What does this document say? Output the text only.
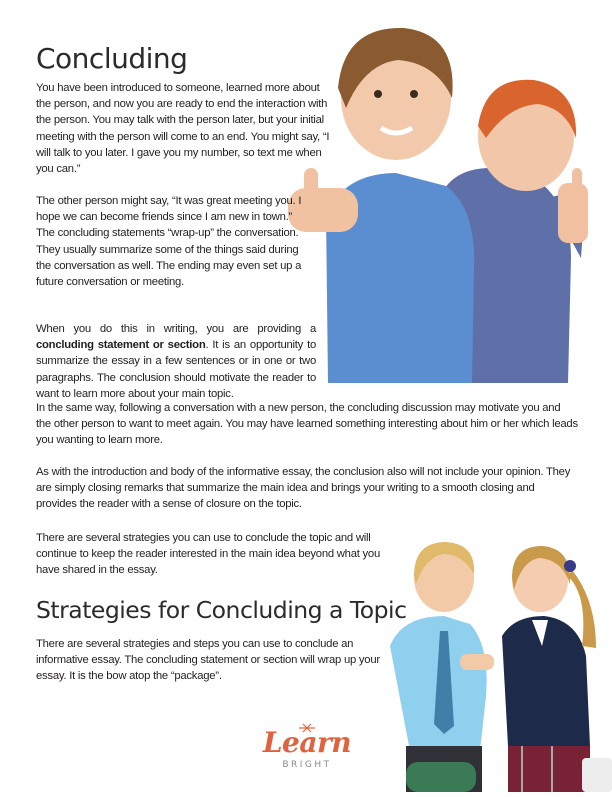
Concluding

You have been introduced to someone, learned more about the person, and now you are ready to end the interaction with the person. You may talk with the person later, but your initial meeting with the person will come to an end. You might say, “I will talk to you later. I gave you my number, so text me when you can.”

The other person might say, “It was great meeting you. I hope we can become friends since I am new in town.” The concluding statements “wrap-up” the conversation. They usually summarize some of the things said during the conversation as well. The ending may even set up a future conversation or meeting.

When you do this in writing, you are providing a concluding statement or section. It is an opportunity to summarize the essay in a few sentences or in one or two paragraphs. The conclusion should motivate the reader to want to learn more about your main topic.

In the same way, following a conversation with a new person, the concluding discussion may motivate you and the other person to want to meet again. You may have learned something interesting about him or her which leads you wanting to learn more.

As with the introduction and body of the informative essay, the conclusion also will not include your opinion. They are simply closing remarks that summarize the main idea and brings your writing to a smooth closing and provides the reader with a sense of closure on the topic.

There are several strategies you can use to conclude the topic and will continue to keep the reader interested in the main idea beyond what you have shared in the essay.

Strategies for Concluding a Topic

There are several strategies and steps you can use to conclude an informative essay. The concluding statement or section will wrap up your essay. It is the bow atop the “package”.

Learn
BRIGHT
